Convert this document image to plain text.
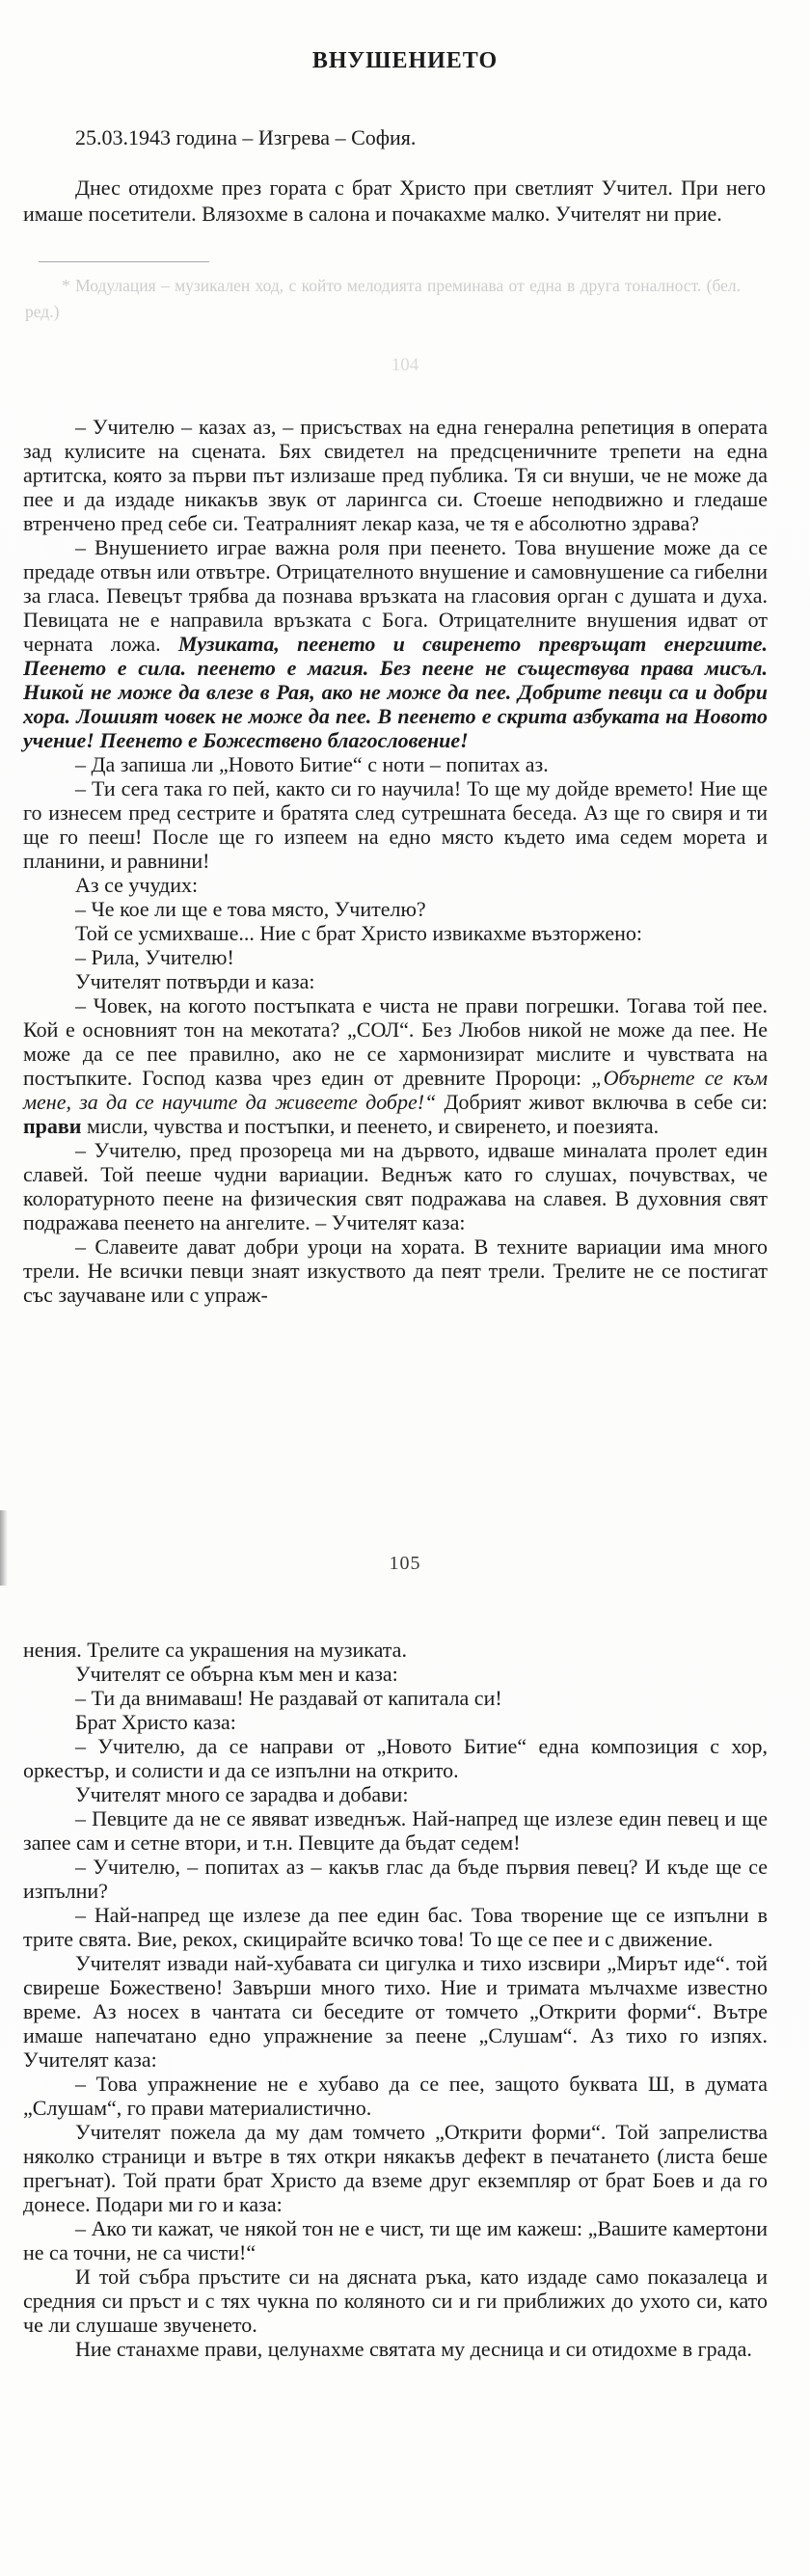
ВНУШЕНИЕТО
25.03.1943 година – Изгрева – София.
Днес отидохме през гората с брат Христо при светлият Учител. При него имаше посетители. Влязохме в салона и почакахме малко. Учителят ни прие.
* Модулация – музикален ход, с който мелодията преминава от една в друга тоналност. (бел. ред.)
104

– Учителю – казах аз, – присъствах на една генерална репетиция в операта зад кулисите на сцената. Бях свидетел на предсценичните трепети на една артитска, която за първи път излизаше пред публика. Тя си внуши, че не може да пее и да издаде никакъв звук от ларингса си. Стоеше неподвижно и гледаше втренчено пред себе си. Театралният лекар каза, че тя е абсолютно здрава?

– Внушението играе важна роля при пеенето. Това внушение може да се предаде отвън или отвътре. Отрицателното внушение и самовнушение са гибелни за гласа. Певецът трябва да познава връзката на гласовия орган с душата и духа. Певицата не е направила връзката с Бога. Отрицателните внушения идват от черната ложа. Музиката, пеенето и свиренето превръщат енергиите. Пеенето е сила. пеенето е магия. Без пеене не съществува права мисъл. Никой не може да влезе в Рая, ако не може да пее. Добрите певци са и добри хора. Лошият човек не може да пее. В пеенето е скрита азбуката на Новото учение! Пеенето е Божествено благословение!

– Да запиша ли „Новото Битие“ с ноти – попитах аз.

– Ти сега така го пей, както си го научила! То ще му дойде времето! Ние ще го изнесем пред сестрите и братята след сутрешната беседа. Аз ще го свиря и ти ще го пееш! После ще го изпеем на едно място където има седем морета и планини, и равнини!

Аз се учудих:

– Че кое ли ще е това място, Учителю?

Той се усмихваше... Ние с брат Христо извикахме възторжено:

– Рила, Учителю!

Учителят потвърди и каза:

– Човек, на когото постъпката е чиста не прави погрешки. Тогава той пее. Кой е основният тон на мекотата? „СОЛ“. Без Любов никой не може да пее. Не може да се пее правилно, ако не се хармонизират мислите и чувствата на постъпките. Господ казва чрез един от древните Пророци: „Обърнете се към мене, за да се научите да живеете добре!“ Добрият живот включва в себе си: прави мисли, чувства и постъпки, и пеенето, и свиренето, и поезията.

– Учителю, пред прозореца ми на дървото, идваше миналата пролет един славей. Той пееше чудни вариации. Веднъж като го слушах, почувствах, че колоратурното пеене на физическия свят подражава на славея. В духовния свят подражава пеенето на ангелите. – Учителят каза:

– Славеите дават добри уроци на хората. В техните вариации има много трели. Не всички певци знаят изкуството да пеят трели. Трелите не се постигат със заучаване или с упраж-

105

нения. Трелите са украшения на музиката.

Учителят се обърна към мен и каза:

– Ти да внимаваш! Не раздавай от капитала си!

Брат Христо каза:

– Учителю, да се направи от „Новото Битие“ една композиция с хор, оркестър, и солисти и да се изпълни на открито.

Учителят много се зарадва и добави:

– Певците да не се явяват изведнъж. Най-напред ще излезе един певец и ще запее сам и сетне втори, и т.н. Певците да бъдат седем!

– Учителю, – попитах аз – какъв глас да бъде първия певец? И къде ще се изпълни?

– Най-напред ще излезе да пее един бас. Това творение ще се изпълни в трите свята. Вие, рекох, скицирайте всичко това! То ще се пее и с движение.

Учителят извади най-хубавата си цигулка и тихо изсвири „Мирът иде“. той свиреше Божествено! Завърши много тихо. Ние и тримата мълчахме известно време. Аз носех в чантата си беседите от томчето „Открити форми“. Вътре имаше напечатано едно упражнение за пеене „Слушам“. Аз тихо го изпях. Учителят каза:

– Това упражнение не е хубаво да се пее, защото буквата Ш, в думата „Слушам“, го прави материалистично.

Учителят пожела да му дам томчето „Открити форми“. Той запрелиства няколко страници и вътре в тях откри някакъв дефект в печатането (листа беше прегънат). Той прати брат Христо да вземе друг екземпляр от брат Боев и да го донесе. Подари ми го и каза:

– Ако ти кажат, че някой тон не е чист, ти ще им кажеш: „Вашите камертони не са точни, не са чисти!“

И той събра пръстите си на дясната ръка, като издаде само показалеца и средния си пръст и с тях чукна по коляното си и ги приближих до ухото си, като че ли слушаше звученето.

Ние станахме прави, целунахме святата му десница и си отидохме в града.
